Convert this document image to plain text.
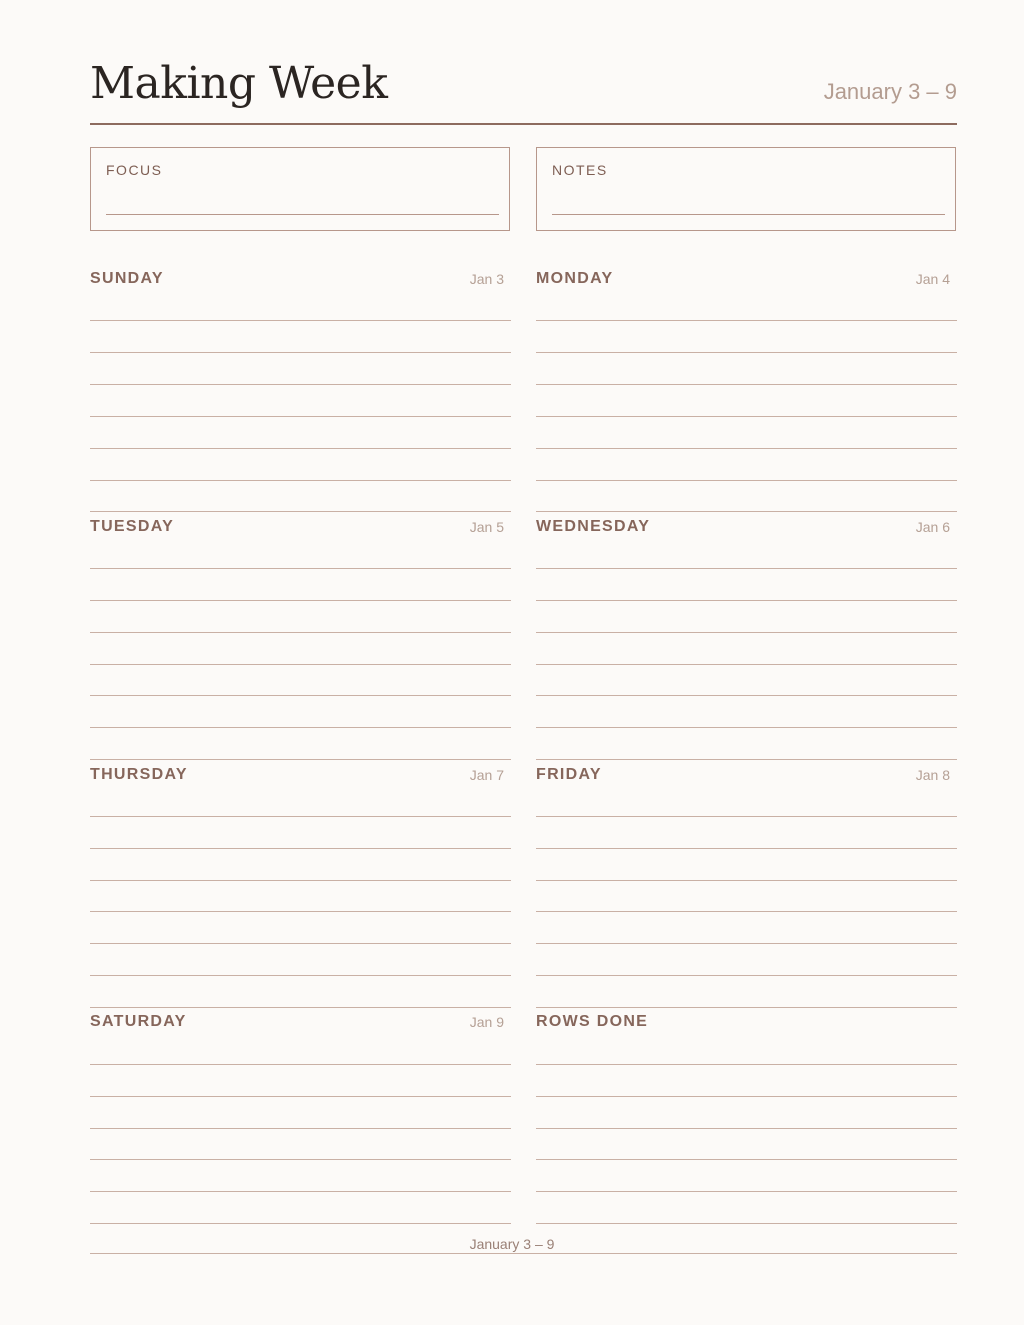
Making Week	January 3 – 9
FOCUS	NOTES
SUNDAY	Jan 3 MONDAY	Jan 4
TUESDAY	Jan 5 WEDNESDAY	Jan 6
THURSDAY	Jan 7 FRIDAY	Jan 8
SATURDAY	Jan 9 ROWS DONE
January 3 – 9
